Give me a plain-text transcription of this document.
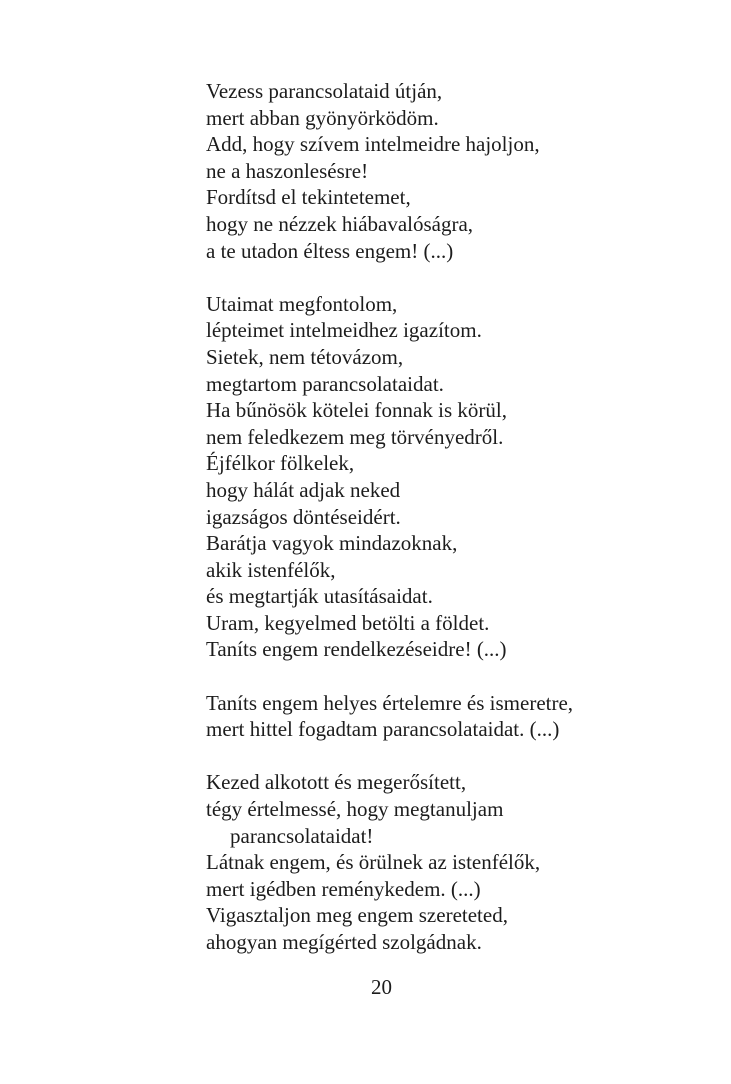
Vezess parancsolataid útján,
mert abban gyönyörködöm.
Add, hogy szívem intelmeidre hajoljon,
ne a haszonlesésre!
Fordítsd el tekintetemet,
hogy ne nézzek hiábavalóságra,
a te utadon éltess engem! (...)
Utaimat megfontolom,
lépteimet intelmeidhez igazítom.
Sietek, nem tétovázom,
megtartom parancsolataidat.
Ha bűnösök kötelei fonnak is körül,
nem feledkezem meg törvényedről.
Éjfélkor fölkelek,
hogy hálát adjak neked
igazságos döntéseidért.
Barátja vagyok mindazoknak,
akik istenfélők,
és megtartják utasításaidat.
Uram, kegyelmed betölti a földet.
Taníts engem rendelkezéseidre! (...)
Taníts engem helyes értelemre és ismeretre,
mert hittel fogadtam parancsolataidat. (...)
Kezed alkotott és megerősített,
tégy értelmessé, hogy megtanuljam
parancsolataidat!
Látnak engem, és örülnek az istenfélők,
mert igédben reménykedem. (...)
Vigasztaljon meg engem szereteted,
ahogyan megígérted szolgádnak.
20
